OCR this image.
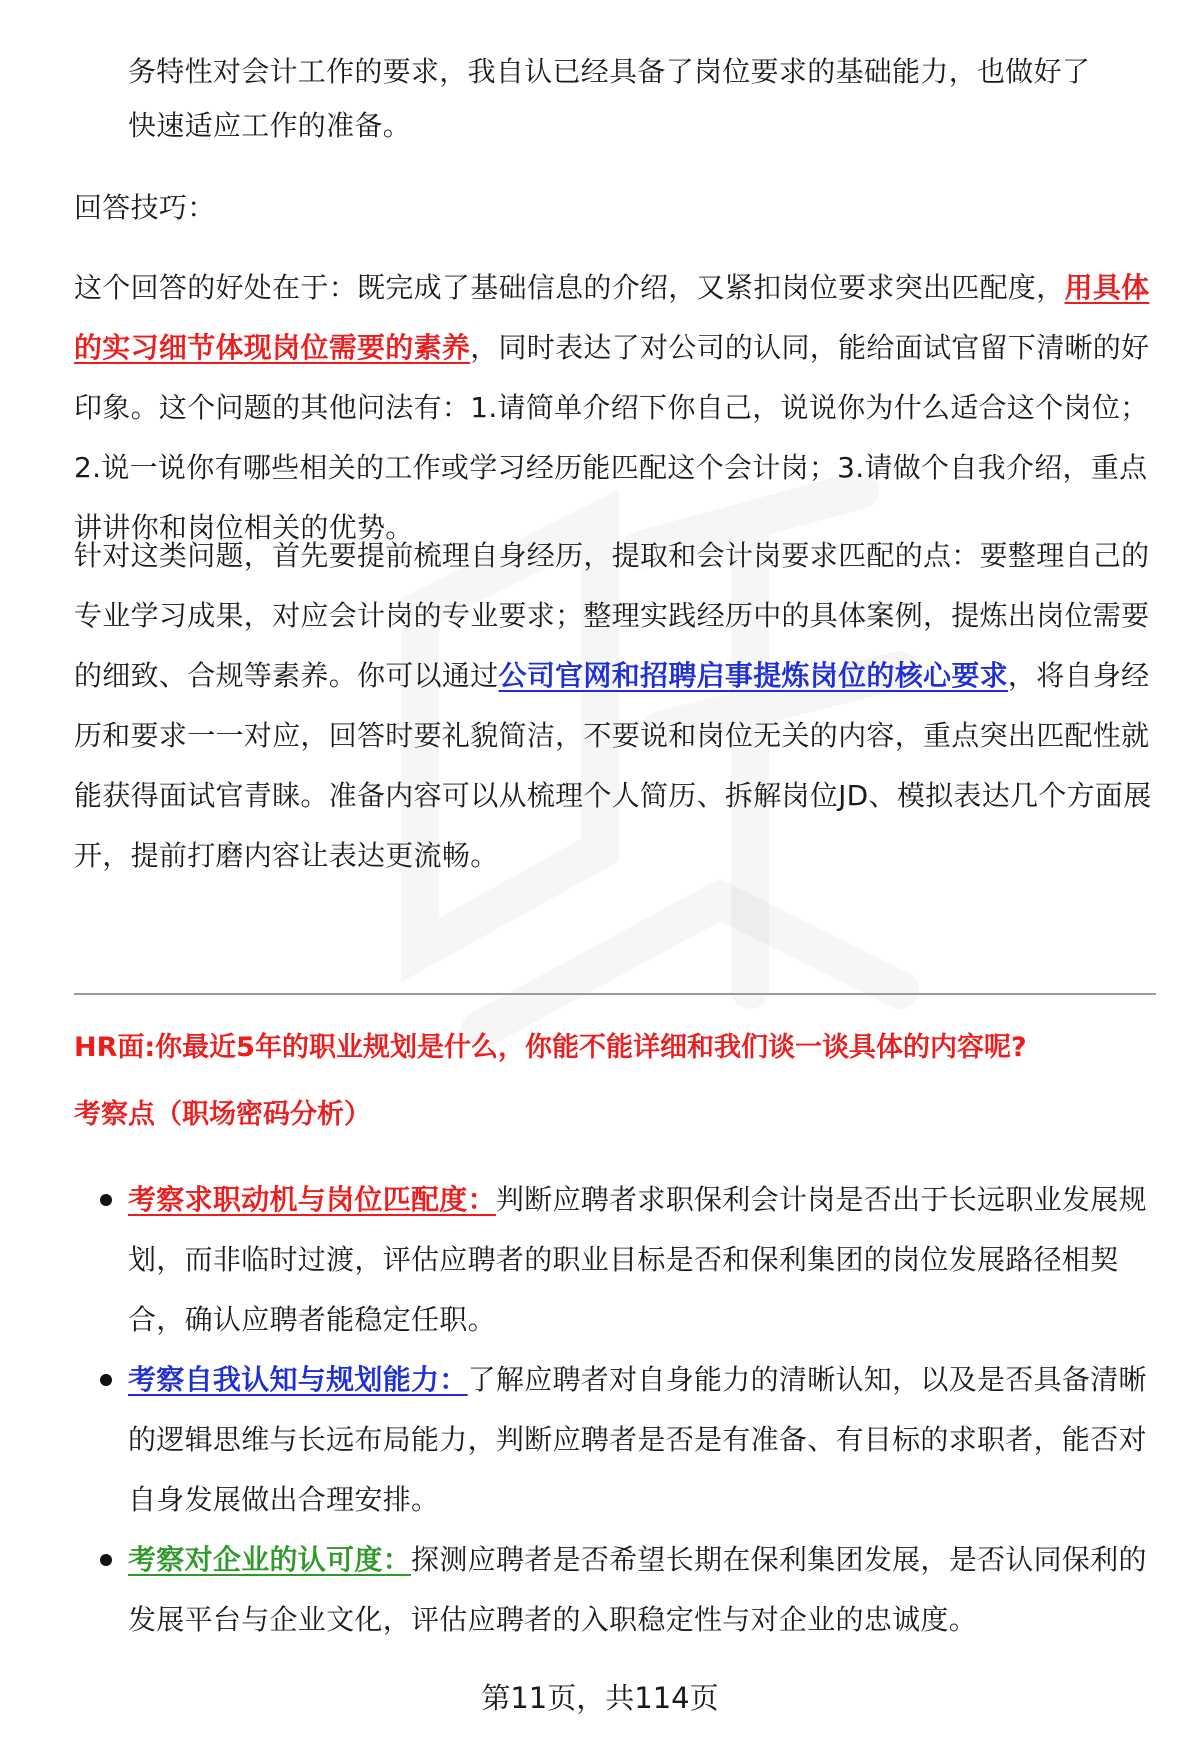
务特性对会计工作的要求，我自认已经具备了岗位要求的基础能力，也做好了

快速适应工作的准备。

回答技巧：

这个回答的好处在于：既完成了基础信息的介绍，又紧扣岗位要求突出匹配度，用具体的实习细节体现岗位需要的素养，同时表达了对公司的认同，能给面试官留下清晰的好印象。这个问题的其他问法有：1.请简单介绍下你自己，说说你为什么适合这个岗位；2.说一说你有哪些相关的工作或学习经历能匹配这个会计岗；3.请做个自我介绍，重点讲讲你和岗位相关的优势。

针对这类问题，首先要提前梳理自身经历，提取和会计岗要求匹配的点：要整理自己的专业学习成果，对应会计岗的专业要求；整理实践经历中的具体案例，提炼出岗位需要的细致、合规等素养。你可以通过公司官网和招聘启事提炼岗位的核心要求，将自身经历和要求一一对应，回答时要礼貌简洁，不要说和岗位无关的内容，重点突出匹配性就能获得面试官青睐。准备内容可以从梳理个人简历、拆解岗位JD、模拟表达几个方面展开，提前打磨内容让表达更流畅。

HR面:你最近5年的职业规划是什么，你能不能详细和我们谈一谈具体的内容呢?

考察点（职场密码分析）

考察求职动机与岗位匹配度：判断应聘者求职保利会计岗是否出于长远职业发展规划，而非临时过渡，评估应聘者的职业目标是否和保利集团的岗位发展路径相契合，确认应聘者能稳定任职。

考察自我认知与规划能力：了解应聘者对自身能力的清晰认知，以及是否具备清晰的逻辑思维与长远布局能力，判断应聘者是否是有准备、有目标的求职者，能否对自身发展做出合理安排。

考察对企业的认可度：探测应聘者是否希望长期在保利集团发展，是否认同保利的发展平台与企业文化，评估应聘者的入职稳定性与对企业的忠诚度。

第11页，共114页
